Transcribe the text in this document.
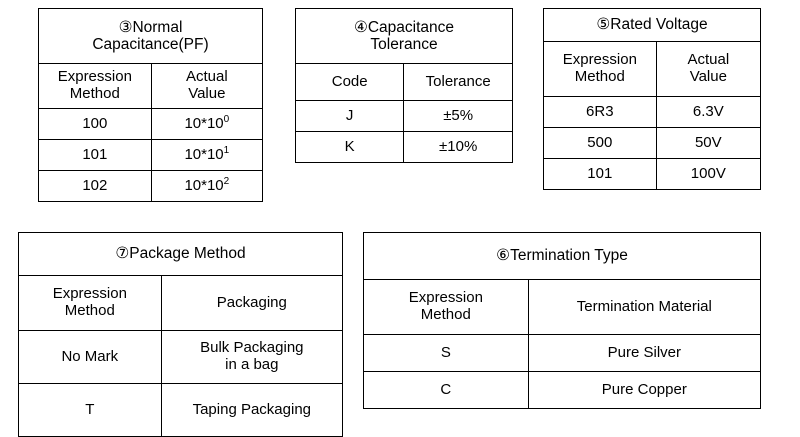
③Normal
Capacitance(PF)	

Expression
Method	Actual
Value

100	$10*10^0$
101	$10*10^1$
102	$10*10^2$
④Capacitance
Tolerance	

Code	Tolerance
J	±5%
K	±10%
⑤Rated Voltage	

Expression
Method	Actual
Value

6R3	6.3V
500	50V
101	100V
⑦Package Method	

Expression
Method	Packaging
No Mark	Bulk Packaging
in a bag

T	Taping Packaging
⑥Termination Type	

Expression
Method	Termination Material
S	Pure Silver
C	Pure Copper
